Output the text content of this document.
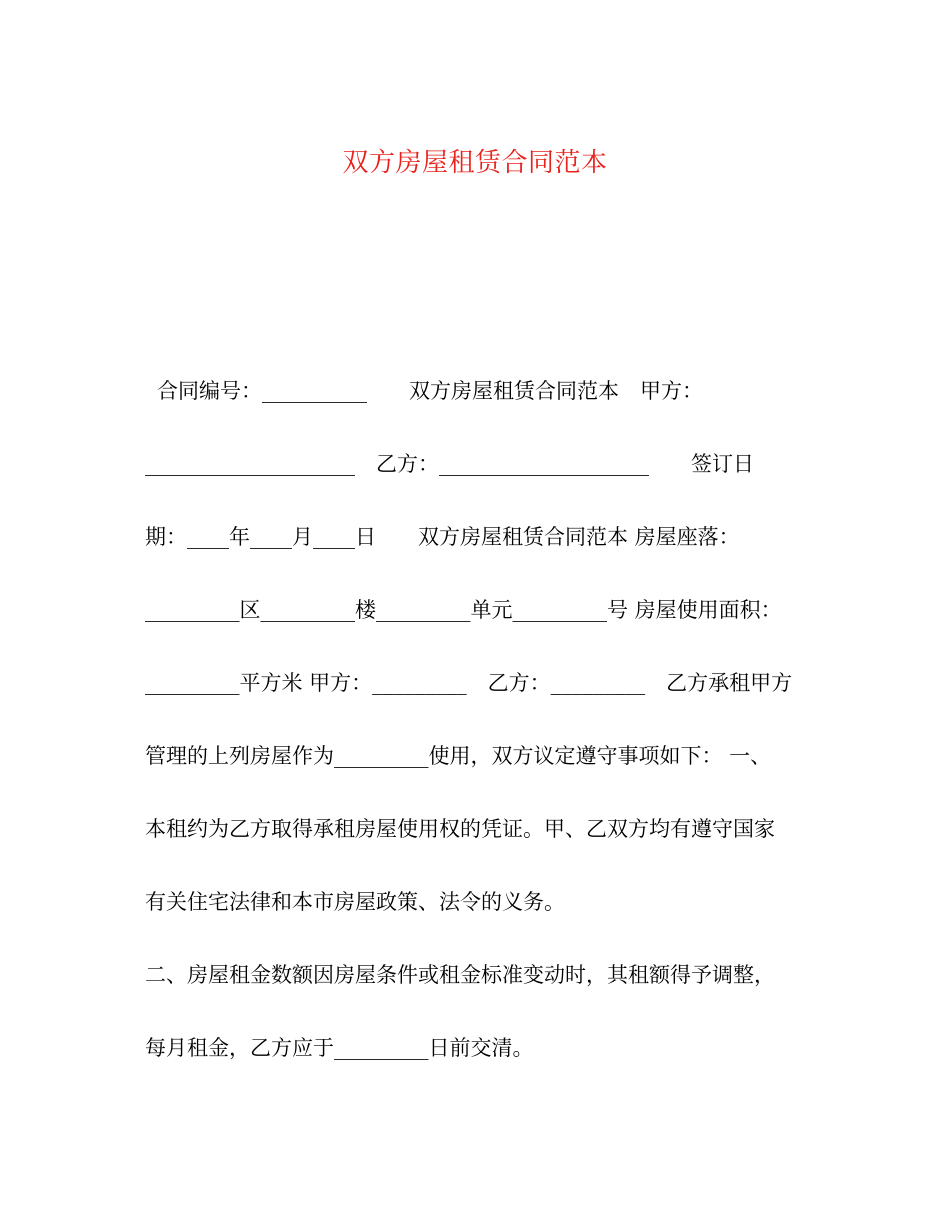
双方房屋租赁合同范本
合同编号：__________　　双方房屋租赁合同范本　甲方：
____________________　乙方：____________________　　签订日
期：____年____月____日　　双方房屋租赁合同范本 房屋座落：
_________区_________楼_________单元_________号 房屋使用面积：
_________平方米 甲方：_________　乙方：_________　乙方承租甲方
管理的上列房屋作为_________使用，双方议定遵守事项如下： 一、
本租约为乙方取得承租房屋使用权的凭证。甲、乙双方均有遵守国家
有关住宅法律和本市房屋政策、法令的义务。
二、房屋租金数额因房屋条件或租金标准变动时，其租额得予调整，
每月租金，乙方应于_________日前交清。
